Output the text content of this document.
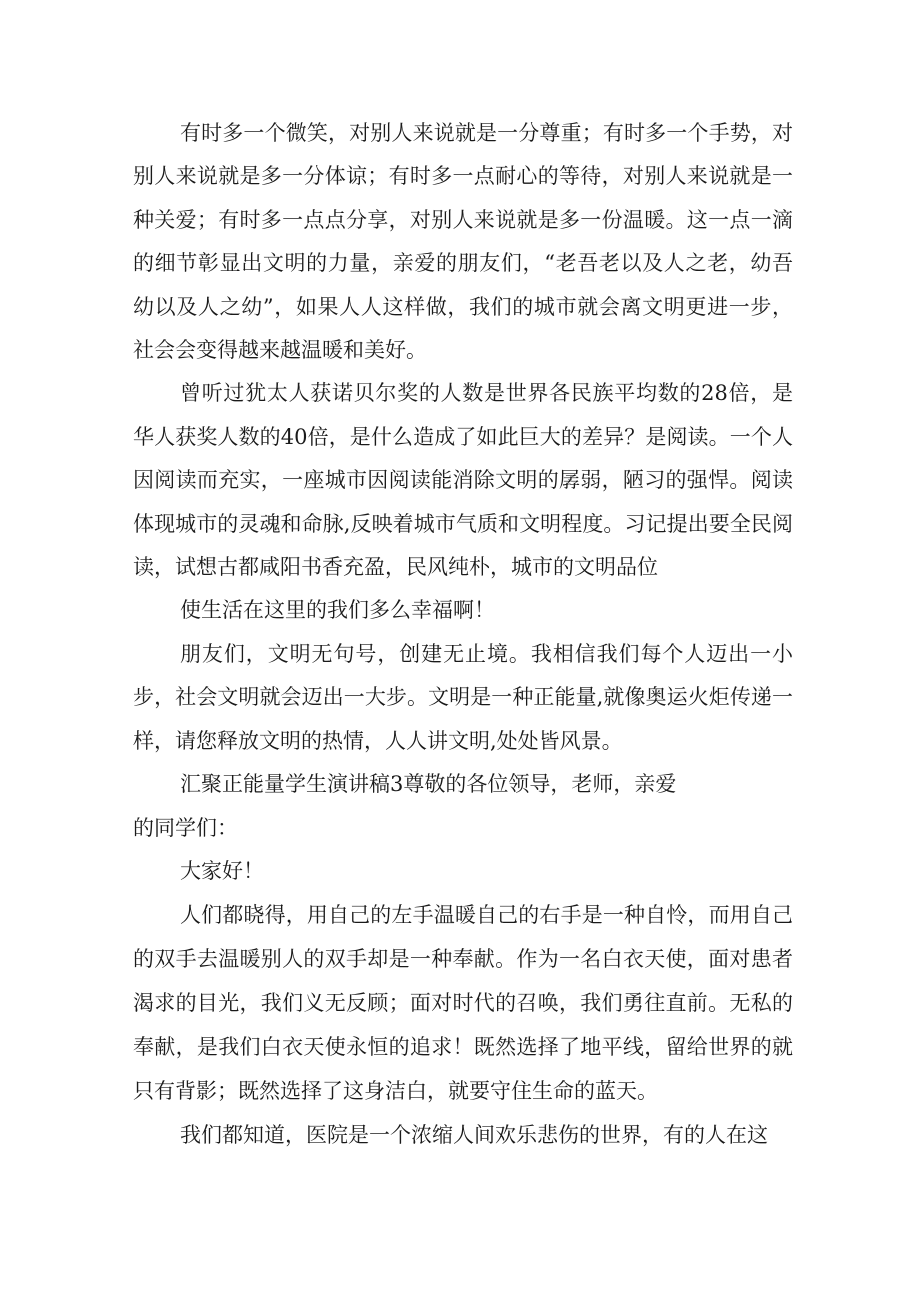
有时多一个微笑，对别人来说就是一分尊重；有时多一个手势，对别人来说就是多一分体谅；有时多一点耐心的等待，对别人来说就是一种关爱；有时多一点点分享，对别人来说就是多一份温暖。这一点一滴的细节彰显出文明的力量，亲爱的朋友们，“老吾老以及人之老，幼吾幼以及人之幼”，如果人人这样做，我们的城市就会离文明更进一步，社会会变得越来越温暖和美好。

曾听过犹太人获诺贝尔奖的人数是世界各民族平均数的28倍，是华人获奖人数的40倍，是什么造成了如此巨大的差异？是阅读。一个人因阅读而充实，一座城市因阅读能消除文明的孱弱，陋习的强悍。阅读体现城市的灵魂和命脉,反映着城市气质和文明程度。习记提出要全民阅读，试想古都咸阳书香充盈，民风纯朴，城市的文明品位

使生活在这里的我们多么幸福啊！

朋友们，文明无句号，创建无止境。我相信我们每个人迈出一小步，社会文明就会迈出一大步。文明是一种正能量,就像奥运火炬传递一样，请您释放文明的热情，人人讲文明,处处皆风景。

汇聚正能量学生演讲稿3尊敬的各位领导，老师，亲爱

的同学们：

大家好！

人们都晓得，用自己的左手温暖自己的右手是一种自怜，而用自己的双手去温暖别人的双手却是一种奉献。作为一名白衣天使，面对患者渴求的目光，我们义无反顾；面对时代的召唤，我们勇往直前。无私的奉献，是我们白衣天使永恒的追求！既然选择了地平线，留给世界的就只有背影；既然选择了这身洁白，就要守住生命的蓝天。

我们都知道，医院是一个浓缩人间欢乐悲伤的世界，有的人在这
